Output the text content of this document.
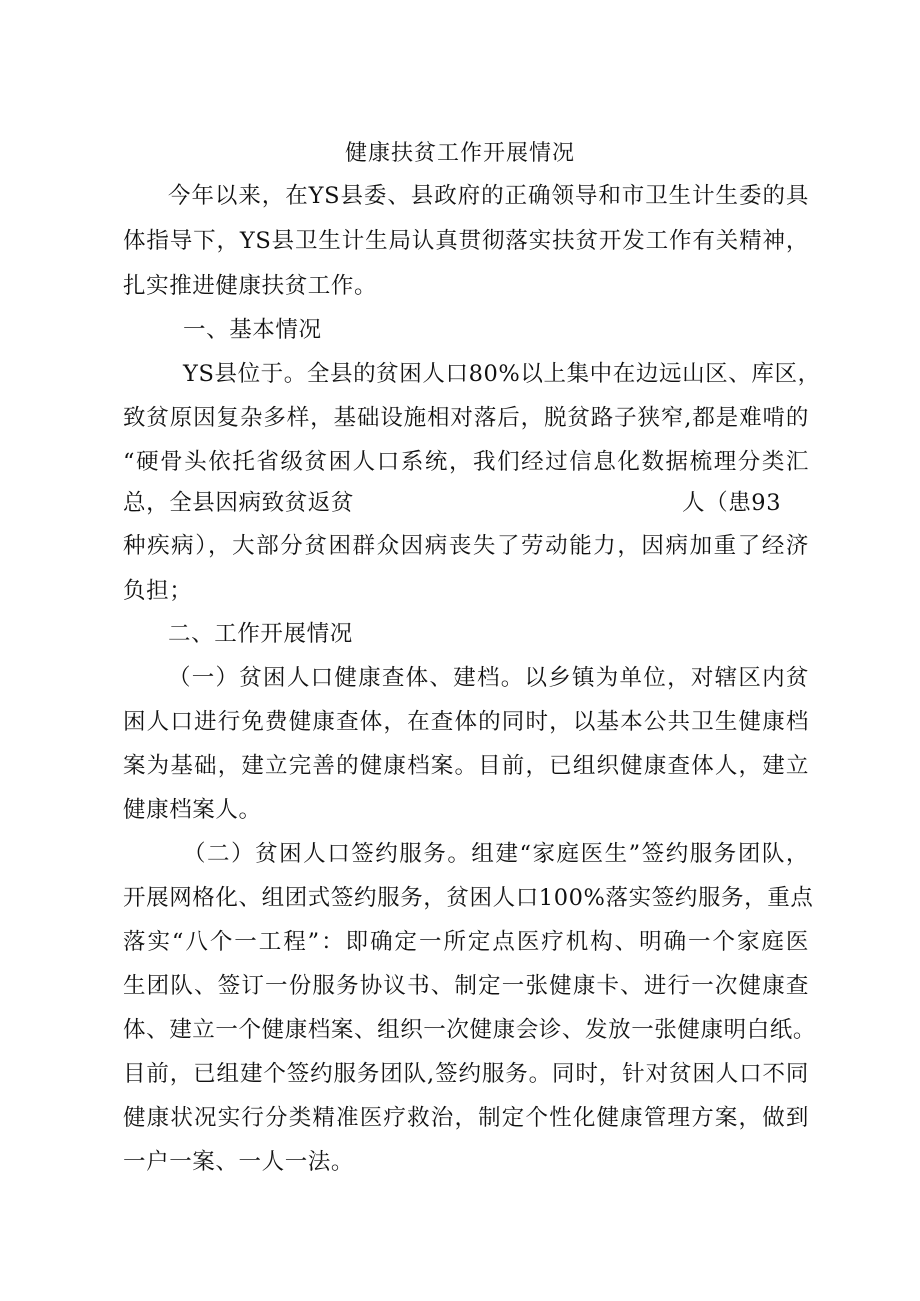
健康扶贫工作开展情况
今年以来，在YS县委、县政府的正确领导和市卫生计生委的具
体指导下，YS县卫生计生局认真贯彻落实扶贫开发工作有关精神，
扎实推进健康扶贫工作。
一、基本情况
YS县位于。全县的贫困人口80%以上集中在边远山区、库区，
致贫原因复杂多样，基础设施相对落后，脱贫路子狭窄,都是难啃的
“硬骨头依托省级贫困人口系统，我们经过信息化数据梳理分类汇
总，全县因病致贫返贫	人（患93
种疾病），大部分贫困群众因病丧失了劳动能力，因病加重了经济
负担；
二、工作开展情况
（一）贫困人口健康查体、建档。以乡镇为单位，对辖区内贫
困人口进行免费健康查体，在查体的同时，以基本公共卫生健康档
案为基础，建立完善的健康档案。目前，已组织健康查体人，建立
健康档案人。
（二）贫困人口签约服务。组建“家庭医生”签约服务团队，
开展网格化、组团式签约服务，贫困人口100%落实签约服务，重点
落实“八个一工程”：即确定一所定点医疗机构、明确一个家庭医
生团队、签订一份服务协议书、制定一张健康卡、进行一次健康查
体、建立一个健康档案、组织一次健康会诊、发放一张健康明白纸。
目前，已组建个签约服务团队,签约服务。同时，针对贫困人口不同
健康状况实行分类精准医疗救治，制定个性化健康管理方案，做到
一户一案、一人一法。
